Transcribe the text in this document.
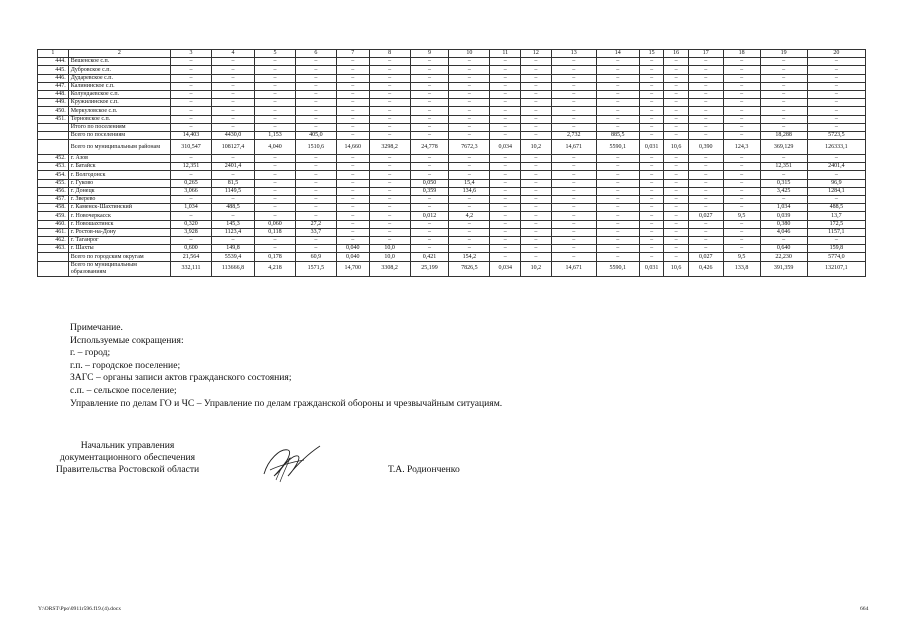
1	2	3	4	5	6	7	8	9	10	11	12	13	14	15	16	17	18	19	20
444.	Вешенское с.п.	–	–	–	–	–	–	–	–	–	–	–	–	–	–	–	–	–	–
445.	Дубровское с.п.	–	–	–	–	–	–	–	–	–	–	–	–	–	–	–	–	–	–
446.	Дударевское с.п.	–	–	–	–	–	–	–	–	–	–	–	–	–	–	–	–	–	–
447.	Калининское с.п.	–	–	–	–	–	–	–	–	–	–	–	–	–	–	–	–	–	–
448.	Колундаевское с.п.	–	–	–	–	–	–	–	–	–	–	–	–	–	–	–	–	–	–
449.	Кружилинское с.п.	–	–	–	–	–	–	–	–	–	–	–	–	–	–	–	–	–	–
450.	Меркуловское с.п.	–	–	–	–	–	–	–	–	–	–	–	–	–	–	–	–	–	–
451.	Терновское с.п.	–	–	–	–	–	–	–	–	–	–	–	–	–	–	–	–	–	–
	Итого по поселениям	–	–	–	–	–	–	–	–	–	–	–	–	–	–	–	–	–	–
	Всего по поселениям	14,403	4430,0	1,153	405,0	–	–	–	–	–	–	2,732	885,5	–	–	–	–	18,288	5723,5
	Всего по муниципальным районам	310,547	108127,4	4,040	1510,6	14,660	3298,2	24,778	7672,3	0,034	10,2	14,671	5590,1	0,031	10,6	0,390	124,3	369,129	126333,1
452.	г. Азов	–	–	–	–	–	–	–	–	–	–	–	–	–	–	–	–	–	–
453.	г. Батайск	12,351	2401,4	–	–	–	–	–	–	–	–	–	–	–	–	–	–	12,351	2401,4
454.	г. Волгодонск	–	–	–	–	–	–	–	–	–	–	–	–	–	–	–	–	–	–
455.	г. Гуково	0,265	81,5	–	–	–	–	0,050	15,4	–	–	–	–	–	–	–	–	0,315	96,9
456.	г. Донецк	3,066	1149,5	–	–	–	–	0,359	134,6	–	–	–	–	–	–	–	–	3,425	1284,1
457.	г. Зверево	–	–	–	–	–	–	–	–	–	–	–	–	–	–	–	–	–	–
458.	г. Каменск-Шахтинский	1,034	488,5	–	–	–	–	–	–	–	–	–	–	–	–	–	–	1,034	488,5
459.	г. Новочеркасск	–	–	–	–	–	–	0,012	4,2	–	–	–	–	–	–	0,027	9,5	0,039	13,7
460.	г. Новошахтинск	0,320	145,3	0,060	27,2	–	–	–	–	–	–	–	–	–	–	–	–	0,380	172,5
461.	г. Ростов-на-Дону	3,928	1123,4	0,118	33,7	–	–	–	–	–	–	–	–	–	–	–	–	4,046	1157,1
462.	г. Таганрог	–	–	–	–	–	–	–	–	–	–	–	–	–	–	–	–	–	–
463.	г. Шахты	0,600	149,8	–	–	0,040	10,0	–	–	–	–	–	–	–	–	–	–	0,640	159,8
	Всего по городским округам	21,564	5539,4	0,178	60,9	0,040	10,0	0,421	154,2	–	–	–	–	–	–	0,027	9,5	22,230	5774,0
	Всего по муниципальным образованиям	332,111	113666,8	4,218	1571,5	14,700	3308,2	25,199	7826,5	0,034	10,2	14,671	5590,1	0,031	10,6	0,426	133,8	391,359	132107,1
Примечание.
Используемые сокращения:
г. – город;
г.п. – городское поселение;
ЗАГС – органы записи актов гражданского состояния;
с.п. – сельское поселение;
Управление по делам ГО и ЧС – Управление по делам гражданской обороны и чрезвычайным ситуациям.
Начальник управления
документационного обеспечения
Правительства Ростовской области	Т.А. Родионченко
Y:\ORST\Ppo\0911r596.f19.(4).docx	664
